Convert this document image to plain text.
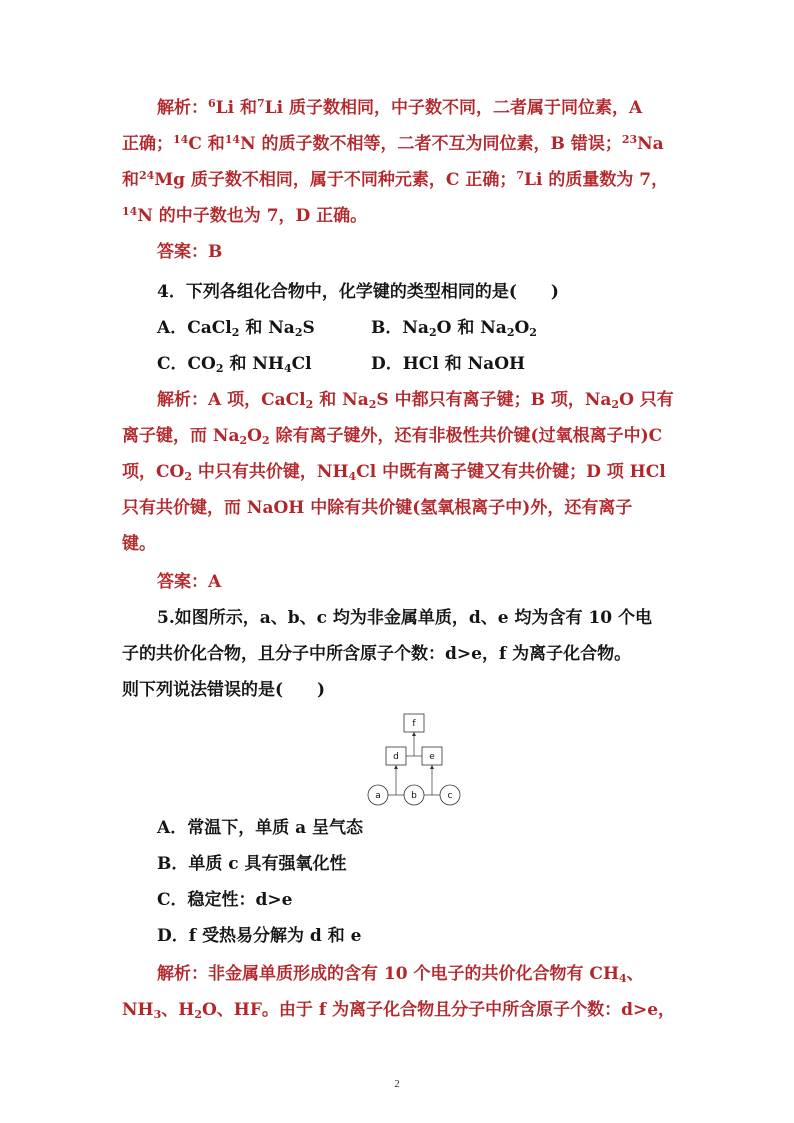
解析：$^6$Li 和$^7$Li 质子数相同，中子数不同，二者属于同位素，A
正确；$^{14}$C 和$^{14}$N 的质子数不相等，二者不互为同位素，B 错误；$^{23}$Na
和$^{24}$Mg 质子数不相同，属于不同种元素，C 正确；$^7$Li 的质量数为 7，
$^{14}$N 的中子数也为 7，D 正确。
答案：B
4．下列各组化合物中，化学键的类型相同的是(　　)
A．CaCl$_2$ 和 $Na_2S$	B．$Na_2O$ 和 $Na_2O_2$
C．$CO_2$ 和 $NH_4Cl$	D．HCl 和 NaOH
解析：A 项，CaCl$_2$ 和 $Na_2S$ 中都只有离子键；B 项，$Na_2O$ 只有
离子键，而 $Na_2O_2$ 除有离子键外，还有非极性共价键(过氧根离子中)C
项，$CO_2$ 中只有共价键，$NH_4Cl$ 中既有离子键又有共价键；D 项 HCl
只有共价键，而 NaOH 中除有共价键(氢氧根离子中)外，还有离子
键。
答案：A
5.如图所示，a、b、c 均为非金属单质，d、e 均为含有 10 个电
子的共价化合物，且分子中所含原子个数：d>e，f 为离子化合物。
则下列说法错误的是(　　)
f
d	e
a	b	c
A．常温下，单质 a 呈气态
B．单质 c 具有强氧化性
C．稳定性：d>e
D．f 受热易分解为 d 和 e
解析：非金属单质形成的含有 10 个电子的共价化合物有 $CH_4$、
$NH_3$、$H_2O$、HF。由于 f 为离子化合物且分子中所含原子个数：d>e，
2
